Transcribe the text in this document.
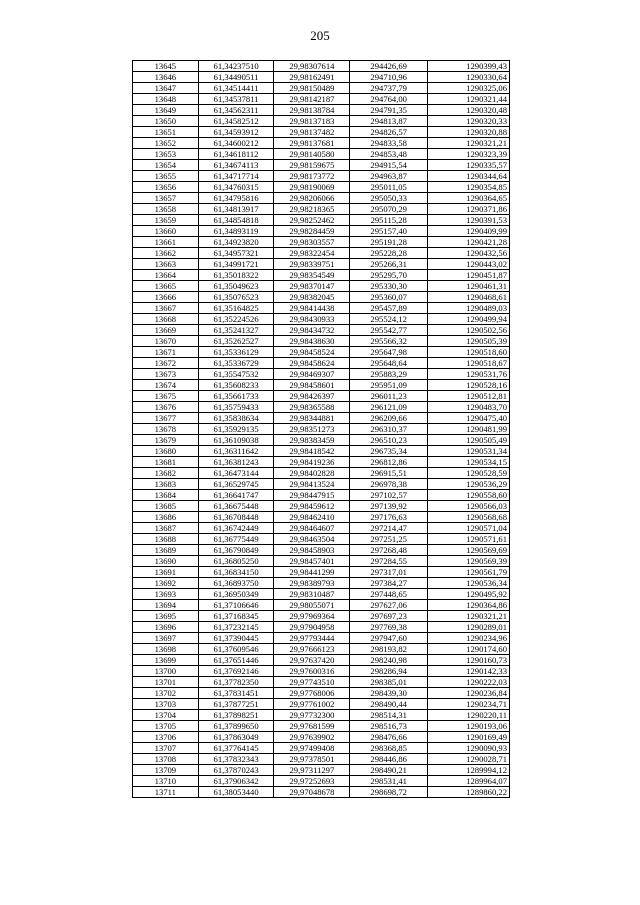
205
13645	61,34237510	29,98307614	294426,69	1290399,43
13646	61,34490511	29,98162491	294710,96	1290330,64
13647	61,34514411	29,98150489	294737,79	1290325,06
13648	61,34537811	29,98142187	294764,00	1290321,44
13649	61,34562311	29,98138784	294791,35	1290320,48
13650	61,34582512	29,98137183	294813,87	1290320,33
13651	61,34593912	29,98137482	294826,57	1290320,88
13652	61,34600212	29,98137681	294833,58	1290321,21
13653	61,34618112	29,98140580	294853,48	1290323,39
13654	61,34674113	29,98159675	294915,54	1290335,57
13655	61,34717714	29,98173772	294963,87	1290344,64
13656	61,34760315	29,98190069	295011,05	1290354,85
13657	61,34795816	29,98206066	295050,33	1290364,65
13658	61,34813917	29,98218365	295070,29	1290371,86
13659	61,34854818	29,98252462	295115,28	1290391,53
13660	61,34893119	29,98284459	295157,40	1290409,99
13661	61,34923820	29,98303557	295191,28	1290421,28
13662	61,34957321	29,98322454	295228,28	1290432,56
13663	61,34991721	29,98339751	295266,31	1290443,02
13664	61,35018322	29,98354549	295295,70	1290451,87
13665	61,35049623	29,98370147	295330,30	1290461,31
13666	61,35076523	29,98382045	295360,07	1290468,61
13667	61,35164825	29,98414438	295457,89	1290489,03
13668	61,35224526	29,98430933	295524,12	1290499,94
13669	61,35241327	29,98434732	295542,77	1290502,56
13670	61,35262527	29,98438630	295566,32	1290505,39
13671	61,35336129	29,98458524	295647,98	1290518,60
13672	61,35336729	29,98458624	295648,64	1290518,67
13673	61,35547532	29,98469307	295883,29	1290531,76
13674	61,35608233	29,98458601	295951,09	1290528,16
13675	61,35661733	29,98426397	296011,23	1290512,81
13676	61,35759433	29,98365588	296121,09	1290483,70
13677	61,35838634	29,98344881	296209,66	1290475,40
13678	61,35929135	29,98351273	296310,37	1290481,99
13679	61,36109038	29,98383459	296510,23	1290505,49
13680	61,36311642	29,98418542	296735,34	1290531,34
13681	61,36381243	29,98419236	296812,86	1290534,15
13682	61,36473144	29,98402828	296915,51	1290528,59
13683	61,36529745	29,98413524	296978,38	1290536,29
13684	61,36641747	29,98447915	297102,57	1290558,60
13685	61,36675448	29,98459612	297139,92	1290566,03
13686	61,36708448	29,98462410	297176,63	1290568,68
13687	61,36742449	29,98464607	297214,47	1290571,04
13688	61,36775449	29,98463504	297251,25	1290571,61
13689	61,36790849	29,98458903	297268,48	1290569,69
13690	61,36805250	29,98457401	297284,55	1290569,39
13691	61,36834150	29,98441299	297317,01	1290561,79
13692	61,36893750	29,98389793	297384,27	1290536,34
13693	61,36950349	29,98310487	297448,65	1290495,92
13694	61,37106646	29,98055071	297627,06	1290364,86
13695	61,37168345	29,97969364	297697,23	1290321,21
13696	61,37232145	29,97904958	297769,38	1290289,01
13697	61,37390445	29,97793444	297947,60	1290234,96
13698	61,37609546	29,97666123	298193,82	1290174,60
13699	61,37651446	29,97637420	298240,98	1290160,73
13700	61,37692146	29,97600316	298286,94	1290142,33
13701	61,37782350	29,97743510	298385,01	1290222,03
13702	61,37831451	29,97768006	298439,30	1290236,84
13703	61,37877251	29,97761002	298490,44	1290234,71
13704	61,37898251	29,97732300	298514,31	1290220,11
13705	61,37899650	29,97681599	298516,73	1290193,06
13706	61,37863049	29,97639902	298476,66	1290169,49
13707	61,37764145	29,97499408	298368,85	1290090,93
13708	61,37832343	29,97378501	298446,86	1290028,71
13709	61,37870243	29,97311297	298490,21	1289994,12
13710	61,37906342	29,97252693	298531,41	1289964,07
13711	61,38053440	29,97048678	298698,72	1289860,22
